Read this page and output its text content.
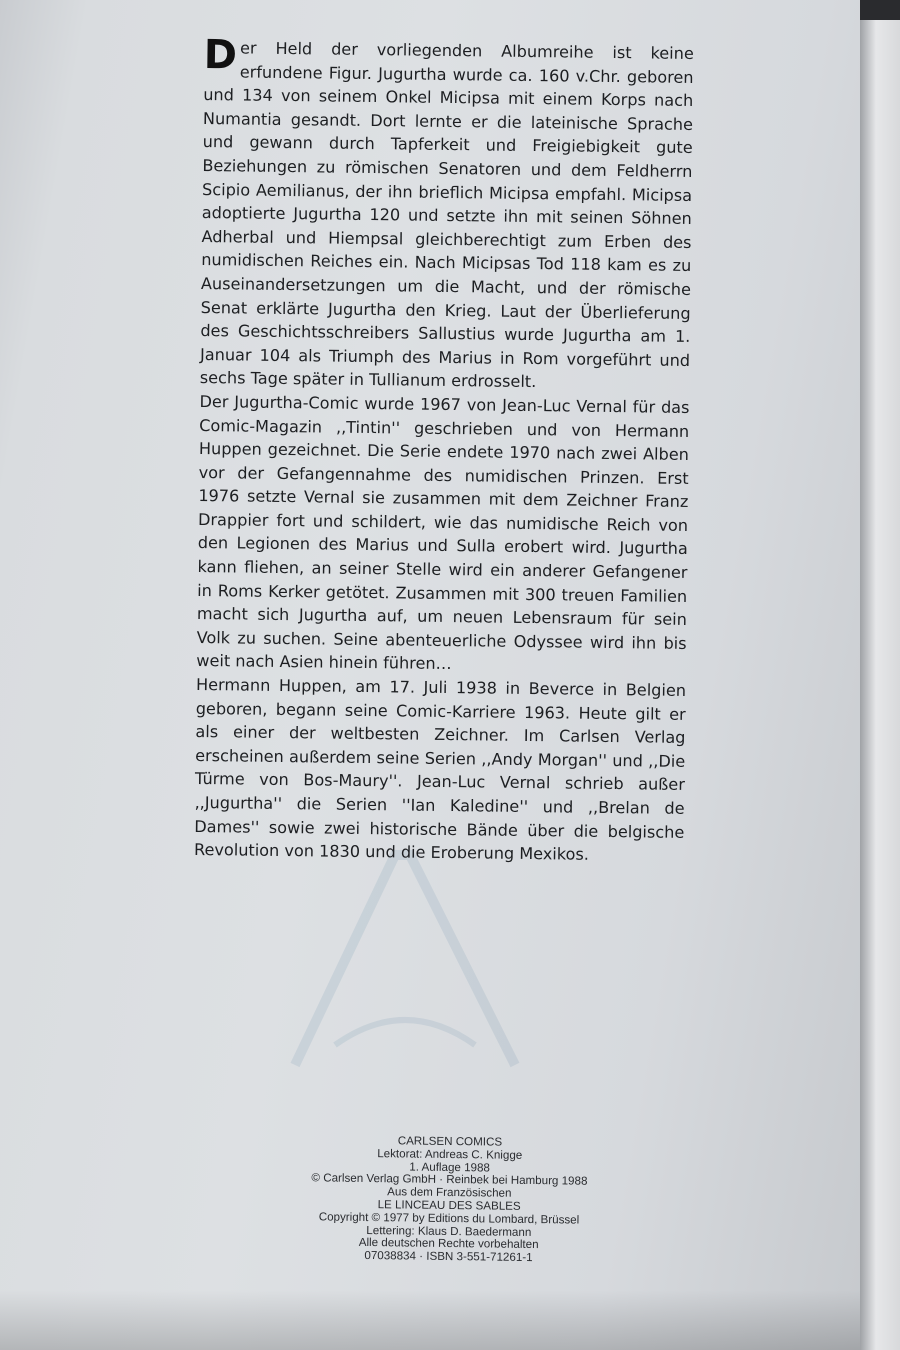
Der Held der vorliegenden Albumreihe ist keine erfundene Figur. Jugurtha wurde ca. 160 v.Chr. geboren und 134 von seinem Onkel Micipsa mit einem Korps nach Numantia gesandt. Dort lernte er die lateinische Sprache und gewann durch Tapferkeit und Freigiebigkeit gute Beziehungen zu römischen Senatoren und dem Feldherrn Scipio Aemilianus, der ihn brieflich Micipsa empfahl. Micipsa adoptierte Jugurtha 120 und setzte ihn mit seinen Söhnen Adherbal und Hiempsal gleichberechtigt zum Erben des numidischen Reiches ein. Nach Micipsas Tod 118 kam es zu Auseinandersetzungen um die Macht, und der römische Senat erklärte Jugurtha den Krieg. Laut der Überlieferung des Geschichtsschreibers Sallustius wurde Jugurtha am 1. Januar 104 als Triumph des Marius in Rom vorgeführt und sechs Tage später in Tullianum erdrosselt.

Der Jugurtha-Comic wurde 1967 von Jean-Luc Vernal für das Comic-Magazin ,,Tintin'' geschrieben und von Hermann Huppen gezeichnet. Die Serie endete 1970 nach zwei Alben vor der Gefangennahme des numidischen Prinzen. Erst 1976 setzte Vernal sie zusammen mit dem Zeichner Franz Drappier fort und schildert, wie das numidische Reich von den Legionen des Marius und Sulla erobert wird. Jugurtha kann fliehen, an seiner Stelle wird ein anderer Gefangener in Roms Kerker getötet. Zusammen mit 300 treuen Familien macht sich Jugurtha auf, um neuen Lebensraum für sein Volk zu suchen. Seine abenteuerliche Odyssee wird ihn bis weit nach Asien hinein führen…

Hermann Huppen, am 17. Juli 1938 in Beverce in Belgien geboren, begann seine Comic-Karriere 1963. Heute gilt er als einer der weltbesten Zeichner. Im Carlsen Verlag erscheinen außerdem seine Serien ,,Andy Morgan'' und ,,Die Türme von Bos-Maury''. Jean-Luc Vernal schrieb außer ,,Jugurtha'' die Serien ''Ian Kaledine'' und ,,Brelan de Dames'' sowie zwei historische Bände über die belgische Revolution von 1830 und die Eroberung Mexikos.

CARLSEN COMICS
Lektorat: Andreas C. Knigge
1. Auflage 1988
© Carlsen Verlag GmbH · Reinbek bei Hamburg 1988
Aus dem Französischen
LE LINCEAU DES SABLES
Copyright © 1977 by Editions du Lombard, Brüssel
Lettering: Klaus D. Baedermann
Alle deutschen Rechte vorbehalten
07038834 · ISBN 3-551-71261-1
